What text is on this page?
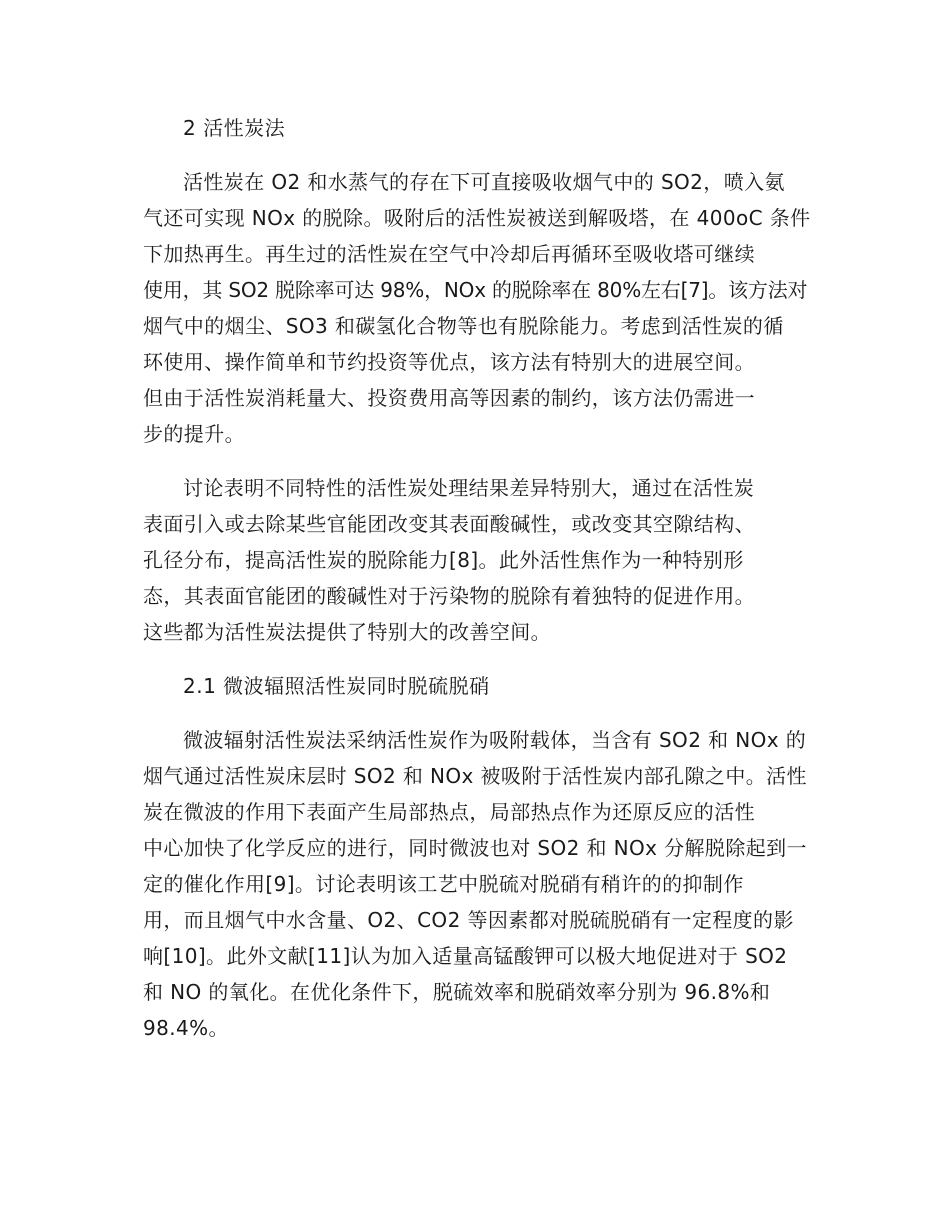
2 活性炭法
活性炭在 O2 和水蒸气的存在下可直接吸收烟气中的 SO2，喷入氨
气还可实现 NOx 的脱除。吸附后的活性炭被送到解吸塔，在 400oC 条件
下加热再生。再生过的活性炭在空气中冷却后再循环至吸收塔可继续
使用，其 SO2 脱除率可达 98%，NOx 的脱除率在 80%左右[7]。该方法对
烟气中的烟尘、SO3 和碳氢化合物等也有脱除能力。考虑到活性炭的循
环使用、操作简单和节约投资等优点，该方法有特别大的进展空间。
但由于活性炭消耗量大、投资费用高等因素的制约，该方法仍需进一
步的提升。
讨论表明不同特性的活性炭处理结果差异特别大，通过在活性炭
表面引入或去除某些官能团改变其表面酸碱性，或改变其空隙结构、
孔径分布，提高活性炭的脱除能力[8]。此外活性焦作为一种特别形
态，其表面官能团的酸碱性对于污染物的脱除有着独特的促进作用。
这些都为活性炭法提供了特别大的改善空间。
2.1 微波辐照活性炭同时脱硫脱硝
微波辐射活性炭法采纳活性炭作为吸附载体，当含有 SO2 和 NOx 的
烟气通过活性炭床层时 SO2 和 NOx 被吸附于活性炭内部孔隙之中。活性
炭在微波的作用下表面产生局部热点，局部热点作为还原反应的活性
中心加快了化学反应的进行，同时微波也对 SO2 和 NOx 分解脱除起到一
定的催化作用[9]。讨论表明该工艺中脱硫对脱硝有稍许的的抑制作
用，而且烟气中水含量、O2、CO2 等因素都对脱硫脱硝有一定程度的影
响[10]。此外文献[11]认为加入适量高锰酸钾可以极大地促进对于 SO2
和 NO 的氧化。在优化条件下，脱硫效率和脱硝效率分别为 96.8%和
98.4%。
